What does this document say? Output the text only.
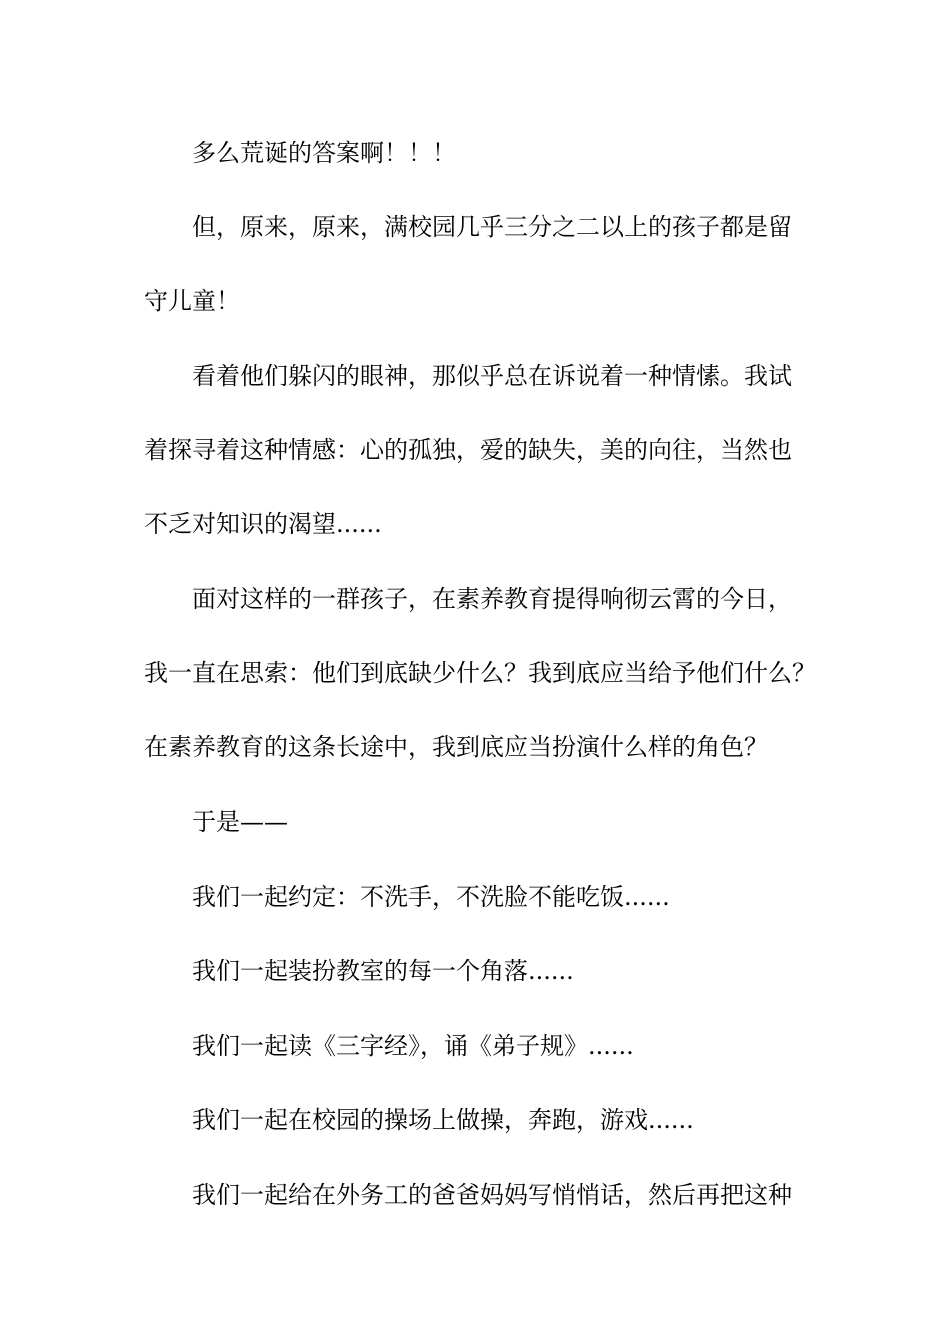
多么荒诞的答案啊！！！
但，原来，原来，满校园几乎三分之二以上的孩子都是留
守儿童！
看着他们躲闪的眼神，那似乎总在诉说着一种情愫。我试
着探寻着这种情感：心的孤独，爱的缺失，美的向往，当然也
不乏对知识的渴望......
面对这样的一群孩子，在素养教育提得响彻云霄的今日，
我一直在思索：他们到底缺少什么？我到底应当给予他们什么？
在素养教育的这条长途中，我到底应当扮演什么样的角色？
于是——
我们一起约定：不洗手，不洗脸不能吃饭......
我们一起装扮教室的每一个角落......
我们一起读《三字经》，诵《弟子规》......
我们一起在校园的操场上做操，奔跑，游戏......
我们一起给在外务工的爸爸妈妈写悄悄话，然后再把这种
